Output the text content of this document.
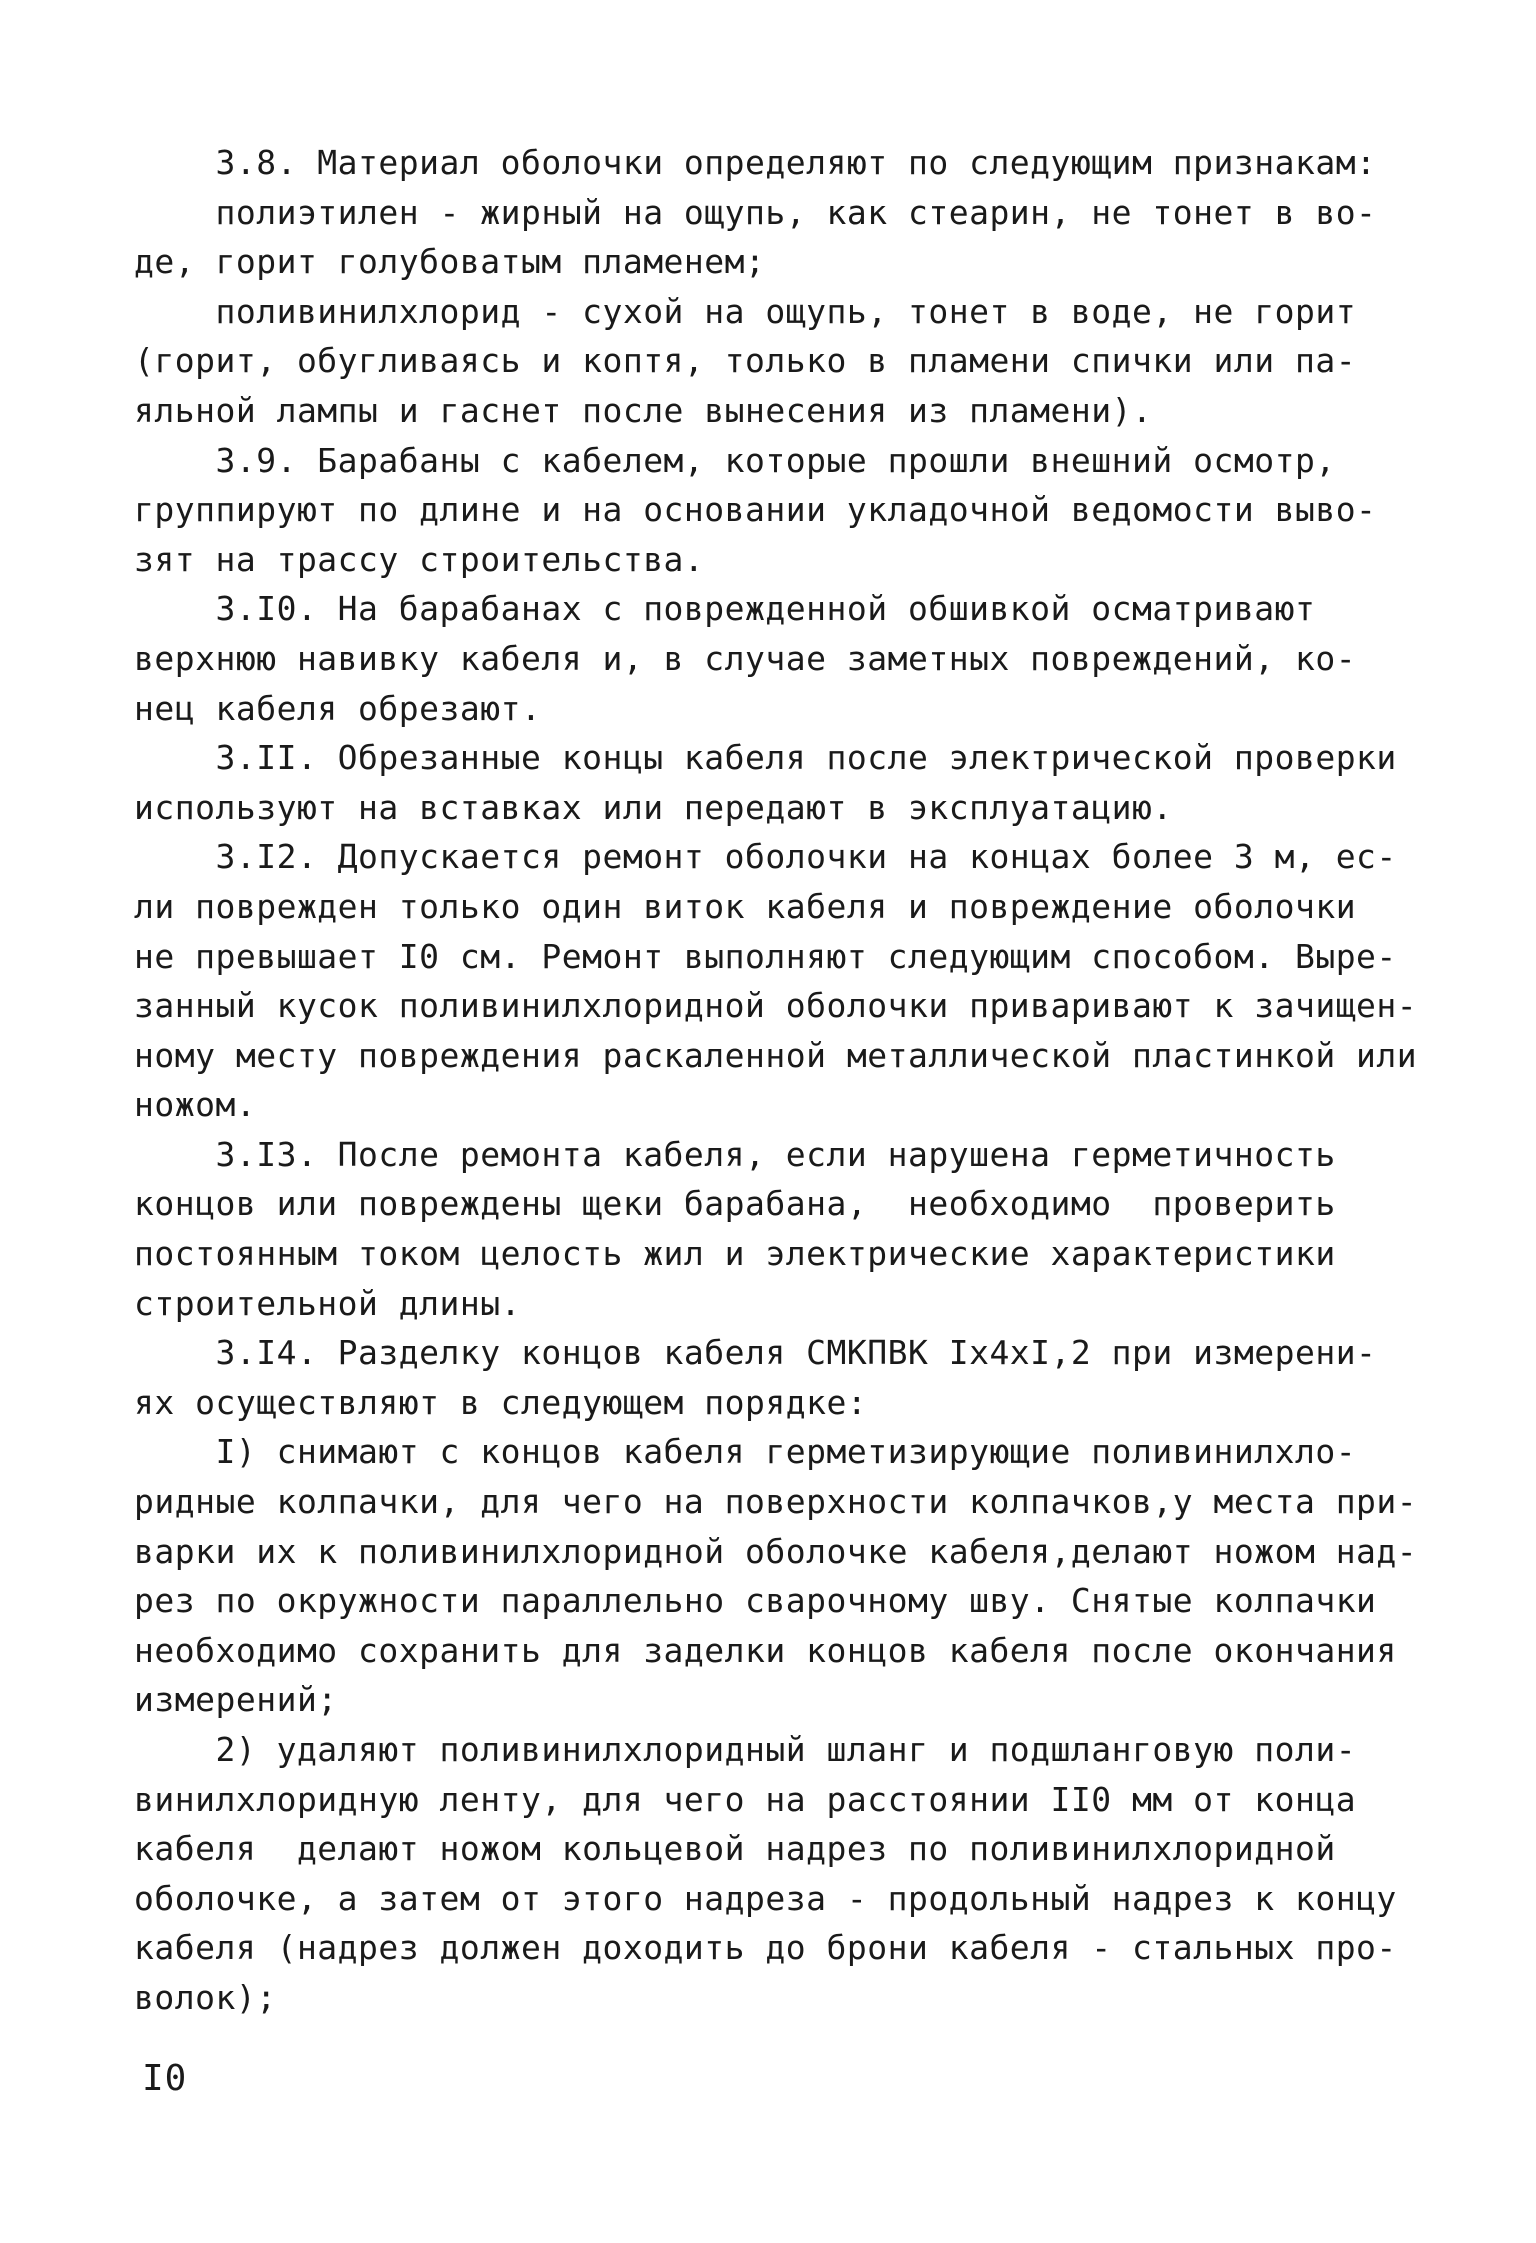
3.8. Материал оболочки определяют по следующим признакам:
полиэтилен - жирный на ощупь, как стеарин, не тонет в во-
де, горит голубоватым пламенем;
поливинилхлорид - сухой на ощупь, тонет в воде, не горит
(горит, обугливаясь и коптя, только в пламени спички или па-
яльной лампы и гаснет после вынесения из пламени).
3.9. Барабаны с кабелем, которые прошли внешний осмотр,
группируют по длине и на основании укладочной ведомости выво-
зят на трассу строительства.
3.I0. На барабанах с поврежденной обшивкой осматривают
верхнюю навивку кабеля и, в случае заметных повреждений, ко-
нец кабеля обрезают.
3.II. Обрезанные концы кабеля после электрической проверки
используют на вставках или передают в эксплуатацию.
3.I2. Допускается ремонт оболочки на концах более 3 м, ес-
ли поврежден только один виток кабеля и повреждение оболочки
не превышает I0 см. Ремонт выполняют следующим способом. Выре-
занный кусок поливинилхлоридной оболочки приваривают к зачищен-
ному месту повреждения раскаленной металлической пластинкой или
ножом.
3.I3. После ремонта кабеля, если нарушена герметичность
концов или повреждены щеки барабана,  необходимо  проверить
постоянным током целость жил и электрические характеристики
строительной длины.
3.I4. Разделку концов кабеля СМКПВК Iх4хI,2 при измерени-
ях осуществляют в следующем порядке:
I) снимают с концов кабеля герметизирующие поливинилхло-
ридные колпачки, для чего на поверхности колпачков,у места при-
варки их к поливинилхлоридной оболочке кабеля,делают ножом над-
рез по окружности параллельно сварочному шву. Снятые колпачки
необходимо сохранить для заделки концов кабеля после окончания
измерений;
2) удаляют поливинилхлоридный шланг и подшланговую поли-
винилхлоридную ленту, для чего на расстоянии II0 мм от конца
кабеля  делают ножом кольцевой надрез по поливинилхлоридной
оболочке, а затем от этого надреза - продольный надрез к концу
кабеля (надрез должен доходить до брони кабеля - стальных про-
волок);
I0
